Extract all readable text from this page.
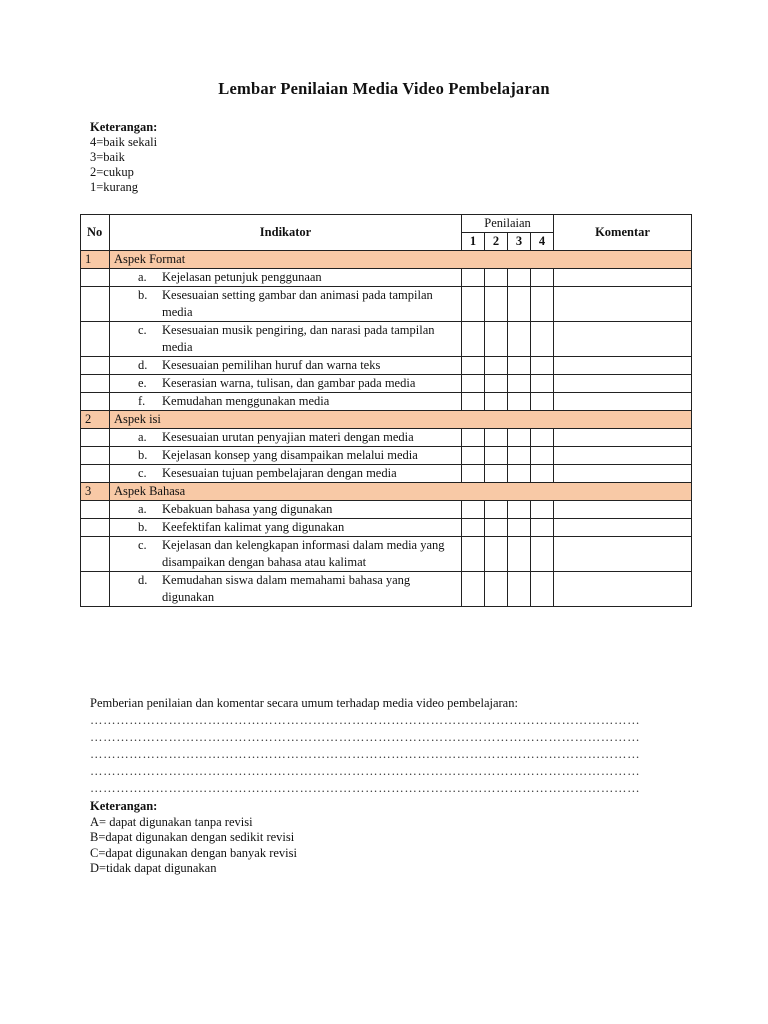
Lembar Penilaian Media Video Pembelajaran
Keterangan:
4=baik sekali
3=baik
2=cukup
1=kurang
No	Indikator	Penilaian				Komentar
		1	2	3	4	
1	Aspek Format					

	a. Kejelasan petunjuk penggunaan					

	b. Kesesuaian setting gambar dan animasi pada tampilan media					

	c. Kesesuaian musik pengiring, dan narasi pada tampilan media					

	d. Kesesuaian pemilihan huruf dan warna teks					

	e. Keserasian warna, tulisan, dan gambar pada media					

	f. Kemudahan menggunakan media					

2	Aspek isi					

	a. Kesesuaian urutan penyajian materi dengan media					

	b. Kejelasan konsep yang disampaikan melalui media					

	c. Kesesuaian tujuan pembelajaran dengan media					

3	Aspek Bahasa					

	a. Kebakuan bahasa yang digunakan					

	b. Keefektifan kalimat yang digunakan					

	c. Kejelasan dan kelengkapan informasi dalam media yang disampaikan dengan bahasa atau kalimat					

	d. Kemudahan siswa dalam memahami bahasa yang digunakan					

Pemberian penilaian dan komentar secara umum terhadap media video pembelajaran:
………………………………………………………………………………………………………………
………………………………………………………………………………………………………………
………………………………………………………………………………………………………………
………………………………………………………………………………………………………………
………………………………………………………………………………………………………………
Keterangan:
A= dapat digunakan tanpa revisi
B=dapat digunakan dengan sedikit revisi
C=dapat digunakan dengan banyak revisi
D=tidak dapat digunakan
